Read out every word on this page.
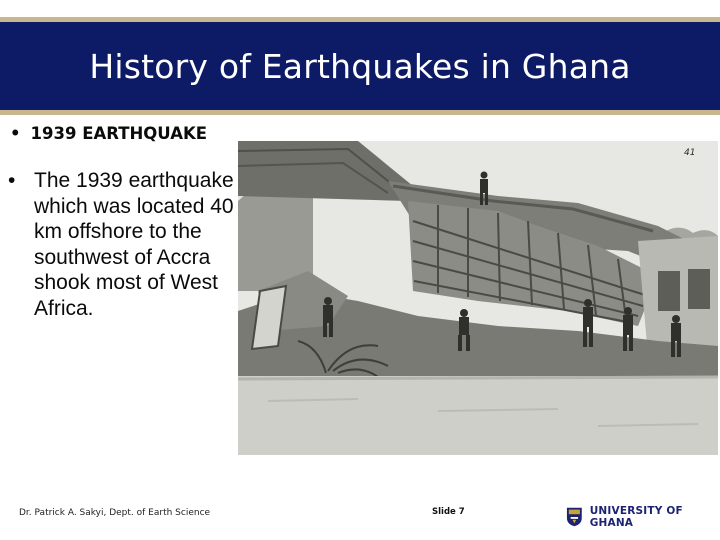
History of Earthquakes in Ghana
• 1939 EARTHQUAKE
• The 1939 earthquake which was located 40 km offshore to the southwest of Accra shook most of West Africa.
41
Dr. Patrick A. Sakyi, Dept. of Earth Science	Slide 7	UNIVERSITY OF GHANA
